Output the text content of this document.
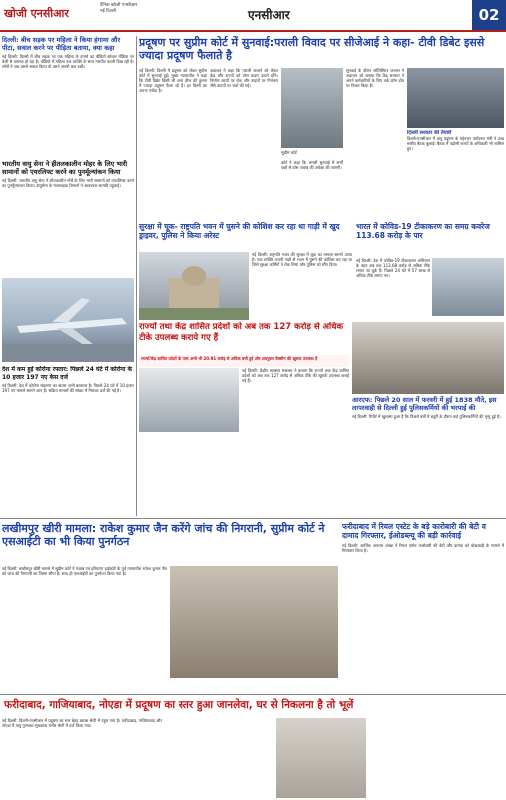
खोजी एनसीआर
दैनिक खोजी एनसीआर
नई दिल्ली	एनसीआर	02
दिल्ली: बीच सड़क पर महिला ने किया हंगामा और पीटा, सवाल करने पर पीड़िता बताया, क्या कहा
नई दिल्ली: दिल्ली में बीच सड़क पर एक महिला के हंगामे का वीडियो सोशल मीडिया पर तेजी से वायरल हो रहा है। वीडियो में महिला एक व्यक्ति के साथ मारपीट करती दिख रही है। लोगों ने जब उससे सवाल किया तो उसने अपनी बात रखी।
भारतीय वायु सेना ने हीतलकालीन मोहर के लिए भारी सामानों को एयरलिफ्ट करने का पुनर्मूल्यांकन किया
नई दिल्ली: भारतीय वायु सेना ने शीतकालीन मोर्चे के लिए भारी सामानों को एयरलिफ्ट करने का पुनर्मूल्यांकन किया। वायुसेना के मालवाहक विमानों ने आवश्यक सामग्री पहुंचाई।
देश में कम हुई कोरोना रफ्तार: पिछले 24 घंटे में कोरोना के 10 हजार 197 नए केस दर्ज
नई दिल्ली: देश में कोरोना संक्रमण का खतरा अभी बरकरार है। पिछले 24 घंटे में 10 हजार 197 नए मामले सामने आए हैं। सक्रिय मामलों की संख्या में गिरावट दर्ज की गई है।
प्रदूषण पर सुप्रीम कोर्ट में सुनवाई:पराली विवाद पर सीजेआई ने कहा- टीवी डिबेट इससे ज्यादा प्रदूषण फैलाते है
नई दिल्ली: दिल्ली में प्रदूषण को लेकर सुप्रीम कोर्ट में सुनवाई हुई। मुख्य न्यायाधीश ने कहा कि टीवी डिबेट किसी भी अन्य चीज की तुलना में ज्यादा प्रदूषण फैला रहे हैं। हर किसी का अपना एजेंडा है।
अदालत ने कहा कि पराली जलाने को लेकर केंद्र और राज्यों को ठोस कदम उठाने होंगे। निर्माण कार्यों पर रोक और वाहनों पर नियंत्रण जैसे उपायों पर चर्चा की गई।
सुप्रीम कोर्ट
सुनवाई के दौरान सॉलिसिटर जनरल ने अदालत को बताया कि केंद्र सरकार ने अपने कर्मचारियों के लिए वर्क फ्रॉम होम पर विचार किया है।
कोर्ट ने कहा कि अगली सुनवाई में सभी पक्षों से ठोस जवाब की अपेक्षा की जाएगी।
दिल्ली सरकार की तैयारी
दिल्ली-एनसीआर में वायु प्रदूषण के मद्देनजर पर्यावरण मंत्री ने उच्च स्तरीय बैठक बुलाई। बैठक में पड़ोसी राज्यों के अधिकारी भी शामिल हुए।
सुरक्षा में चूक- राष्ट्रपति भवन में घुसने की कोशिश कर रहा था गाड़ी में खुद ड्राइवर, पुलिस ने किया अरेस्ट
नई दिल्ली: राष्ट्रपति भवन की सुरक्षा में चूक का मामला सामने आया है। एक व्यक्ति अपनी गाड़ी से भवन में घुसने की कोशिश कर रहा था जिसे सुरक्षा कर्मियों ने रोक लिया और पुलिस को सौंप दिया।
भारत में कोविड-19 टीकाकरण का समग्र कवरेज 113.68 करोड़ के पार
नई दिल्ली: देश में कोविड-19 टीकाकरण अभियान के तहत अब तक 113.68 करोड़ से अधिक टीके लगाए जा चुके हैं। पिछले 24 घंटे में 57 लाख से अधिक टीके लगाए गए।
राज्यों तथा केंद्र शासित प्रदेशों को अब तक 127 करोड़ से अधिक टीके उपलब्ध कराये गए हैं
राज्यों/केंद्र शासित प्रदेशों के पास अभी भी 20.91 करोड़ से अधिक बची हुई और अप्रयुक्त वैक्सीन की खुराक उपलब्ध हैं
नई दिल्ली: केंद्रीय स्वास्थ्य मंत्रालय ने बताया कि राज्यों तथा केंद्र शासित प्रदेशों को अब तक 127 करोड़ से अधिक टीके की खुराकें उपलब्ध कराई गई हैं।
आरएफ: पिछले 20 साल में फरवरी में हुई 1838 मौते, इस लापरवाही से दिल्ली हुई पुलिसकर्मियों की भरपाई की
नई दिल्ली: रिपोर्ट में खुलासा हुआ है कि पिछले वर्षों में ड्यूटी के दौरान कई पुलिसकर्मियों की मृत्यु हुई है।
लखीमपुर खीरी मामला: राकेश कुमार जैन करेंगे जांच की निगरानी, सुप्रीम कोर्ट ने एसआईटी का भी किया पुनर्गठन
नई दिल्ली: लखीमपुर खीरी मामले में सुप्रीम कोर्ट ने पंजाब एवं हरियाणा हाईकोर्ट के पूर्व न्यायाधीश राकेश कुमार जैन को जांच की निगरानी का जिम्मा सौंपा है। साथ ही एसआईटी का पुनर्गठन किया गया है।
फरीदाबाद में रियल एस्टेट के बड़े कारोबारी की बेटी व दामाद गिरफ्तार, ईओडब्ल्यू की बड़ी कार्रवाई
नई दिल्ली: आर्थिक अपराध शाखा ने रियल एस्टेट कारोबारी की बेटी और दामाद को धोखाधड़ी के मामले में गिरफ्तार किया है।
फरीदाबाद, गाजियाबाद, नोएडा में प्रदूषण का स्तर हुआ जानलेवा, घर से निकलना है तो भूलें
नई दिल्ली: दिल्ली-एनसीआर में प्रदूषण का स्तर बेहद खराब श्रेणी में पहुंच गया है। फरीदाबाद, गाजियाबाद और नोएडा में वायु गुणवत्ता सूचकांक गंभीर श्रेणी में दर्ज किया गया।
